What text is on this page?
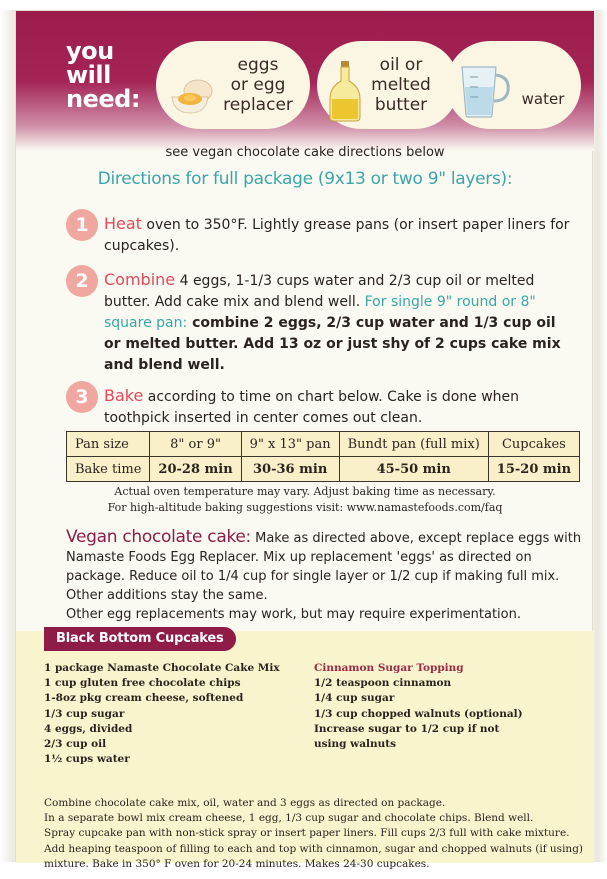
you
will
need:
eggs
or egg
replacer
oil or
melted
butter	water
see vegan chocolate cake directions below
Directions for full package (9x13 or two 9" layers):
1 Heat oven to 350°F. Lightly grease pans (or insert paper liners for cupcakes).

2 Combine 4 eggs, 1-1/3 cups water and 2/3 cup oil or melted butter. Add cake mix and blend well. For single 9" round or 8" square pan: combine 2 eggs, 2/3 cup water and 1/3 cup oil or melted butter. Add 13 oz or just shy of 2 cups cake mix and blend well.

3 Bake according to time on chart below. Cake is done when toothpick inserted in center comes out clean.

Pan size	8" or 9"	9" x 13" pan	Bundt pan (full mix)	Cupcakes
Bake time	20-28 min	30-36 min	45-50 min	15-20 min
Actual oven temperature may vary. Adjust baking time as necessary.
For high-altitude baking suggestions visit: www.namastefoods.com/faq
Vegan chocolate cake: Make as directed above, except replace eggs with Namaste Foods Egg Replacer. Mix up replacement 'eggs' as directed on package. Reduce oil to 1/4 cup for single layer or 1/2 cup if making full mix. Other additions stay the same.
Other egg replacements may work, but may require experimentation.
Black Bottom Cupcakes
1 package Namaste Chocolate Cake Mix
1 cup gluten free chocolate chips
1-8oz pkg cream cheese, softened
1/3 cup sugar
4 eggs, divided
2/3 cup oil
1½ cups water
Cinnamon Sugar Topping
1/2 teaspoon cinnamon
1/4 cup sugar
1/3 cup chopped walnuts (optional)
Increase sugar to 1/2 cup if not
using walnuts
Combine chocolate cake mix, oil, water and 3 eggs as directed on package.
In a separate bowl mix cream cheese, 1 egg, 1/3 cup sugar and chocolate chips. Blend well.
Spray cupcake pan with non-stick spray or insert paper liners. Fill cups 2/3 full with cake mixture.
Add heaping teaspoon of filling to each and top with cinnamon, sugar and chopped walnuts (if using)
mixture. Bake in 350° F oven for 20-24 minutes. Makes 24-30 cupcakes.
